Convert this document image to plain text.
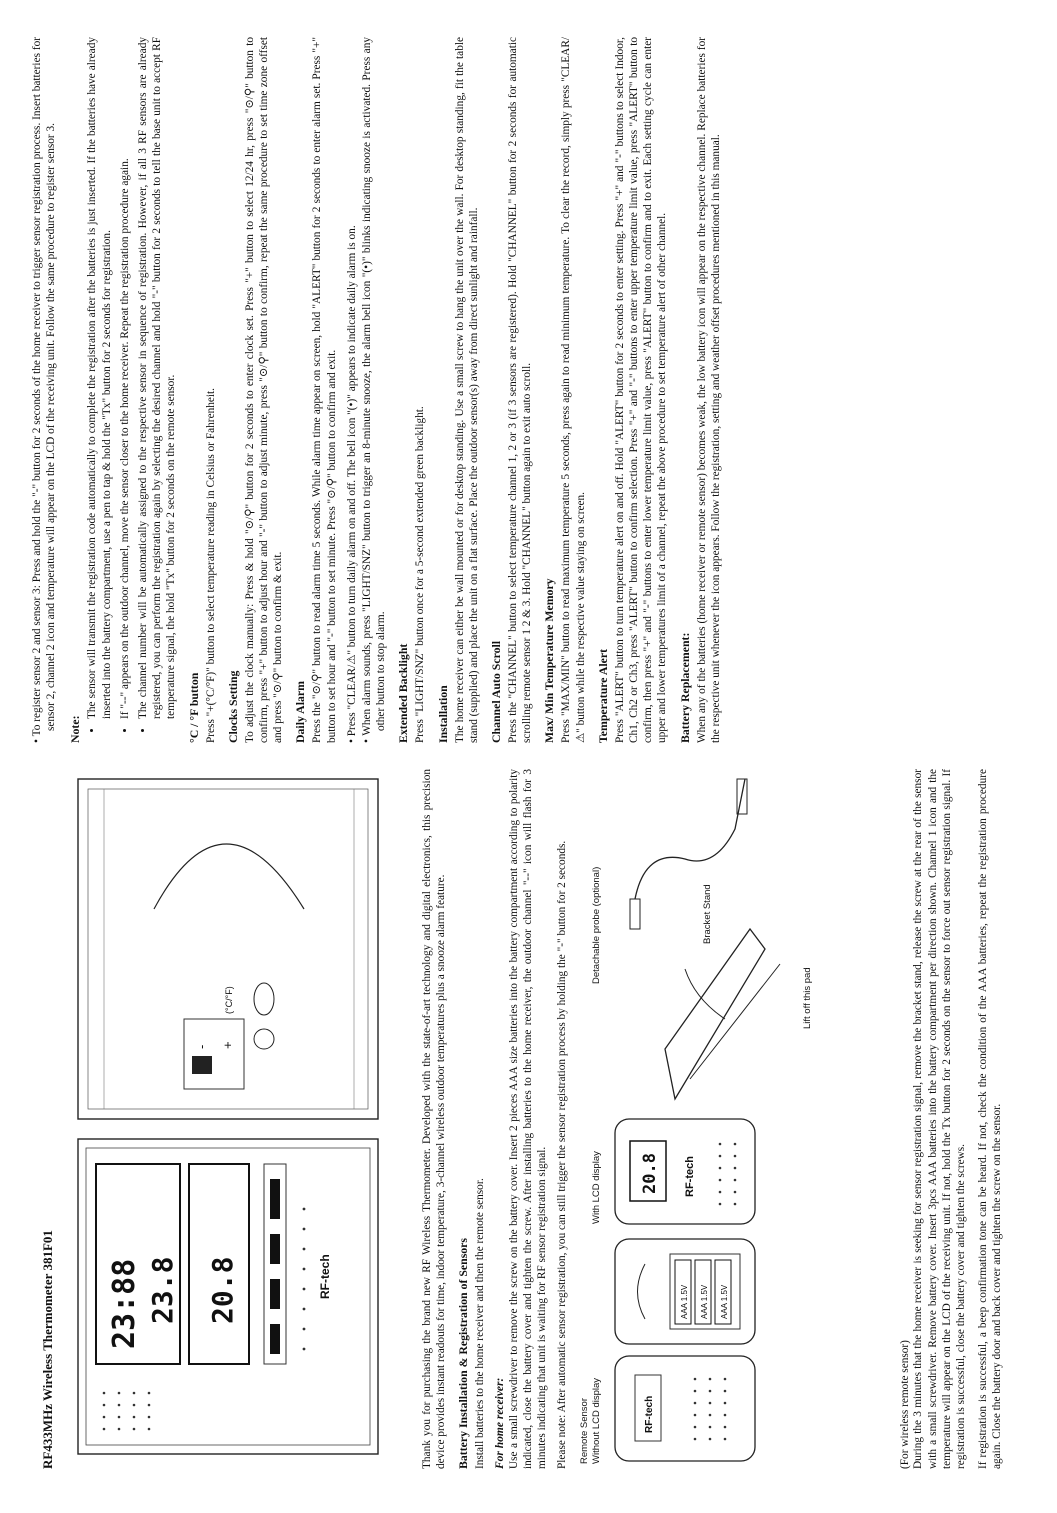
RF433MHz Wireless Thermometer 381F01 23:88 23.8 20.8	RF-tech
- +
(°C/°F)	Thank you for purchasing the brand new RF Wireless Thermometer. Developed with the state-of-art technology and digital electronics, this precision device provides instant readouts for time, indoor temperature, 3-channel wireless outdoor temperatures plus a snooze alarm feature. Battery Installation & Registration of Sensors Install batteries to the home receiver and then the remote sensor. For home receiver: Use a small screwdriver to remove the screw on the battery cover. Insert 2 pieces AAA size batteries into the battery compartment according to polarity indicated, close the battery cover and tighten the screw. After installing batteries to the home receiver, the outdoor channel "--" icon will flash for 3 minutes indicating that unit is waiting for RF sensor registration signal. Please note: After automatic sensor registration, you can still trigger the sensor registration process by holding the "-" button for 2 seconds. Remote Sensor Without LCD display
With LCD display
Detachable probe (optional)
RF-tech
AAA 1.5V AAA 1.5V AAA 1.5V
20.8 RF-tech
Bracket Stand
Lift off this pad
(For wireless remote sensor) During the 3 minutes that the home receiver is seeking for sensor registration signal, remove the bracket stand, release the screw at the rear of the sensor with a small screwdriver. Remove battery cover. Insert 3pcs AAA batteries into the battery compartment per direction shown. Channel 1 icon and the temperature will appear on the LCD of the receiving unit. If not, hold the Tx button for 2 seconds on the sensor to force out sensor registration signal. If registration is successful, close the battery cover and tighten the screws. If registration is successful, a beep confirmation tone can be heard. If not, check the condition of the AAA batteries, repeat the registration procedure again. Close the battery door and back cover and tighten the screw on the sensor.

• To register sensor 2 and sensor 3: Press and hold the "-" button for 2 seconds of the home receiver to trigger sensor registration process. Insert batteries for sensor 2, channel 2 icon and temperature will appear on the LCD of the receiving unit. Follow the same procedure to register sensor 3. Note:
• The sensor will transmit the registration code automatically to complete the registration after the batteries is just inserted. If the batteries have already inserted into the battery compartment, use a pen to tap & hold the "Tx" button for 2 seconds for registration. • If "--" appears on the outdoor channel, move the sensor closer to the home receiver. Repeat the registration procedure again. • The channel number will be automatically assigned to the respective sensor in sequence of registration. However, if all 3 RF sensors are already registered, you can perform the registration again by selecting the desired channel and hold "-" button for 2 seconds to tell the base unit to accept RF temperature signal, the hold "Tx" button for 2 seconds on the remote sensor. °C / °F button Press "+(°C/°F)" button to select temperature reading in Celsius or Fahrenheit. Clocks Setting To adjust the clock manually: Press & hold "⊙/⚲" button for 2 seconds to enter clock set. Press "+" button to select 12/24 hr, press "⊙/⚲" button to confirm, press "+" button to adjust hour and "-" button to adjust minute, press "⊙/⚲" button to confirm, repeat the same procedure to set time zone offset and press "⊙/⚲" button to confirm & exit. Daily Alarm Press the "⊙/⚲" button to read alarm time 5 seconds. While alarm time appear on screen, hold "ALERT" button for 2 seconds to enter alarm set. Press "+" button to set hour and "-" button to set minute. Press "⊙/⚲" button to confirm and exit. • Press "CLEAR/⚠" button to turn daily alarm on and off. The bell icon "(•)" appears to indicate daily alarm is on. • When alarm sounds, press "LIGHT/SNZ" button to trigger an 8-minute snooze, the alarm bell icon "(•)" blinks indicating snooze is activated. Press any other button to stop alarm. Extended Backlight Press "LIGHT/SNZ" button once for a 5-second extended green backlight. Installation The home receiver can either be wall mounted or for desktop standing. Use a small screw to hang the unit over the wall. For desktop standing, fit the table stand (supplied) and place the unit on a flat surface. Place the outdoor sensor(s) away from direct sunlight and rainfall. Channel Auto Scroll Press the "CHANNEL" button to select temperature channel 1, 2 or 3 (if 3 sensors are registered). Hold "CHANNEL" button for 2 seconds for automatic scrolling remote sensor 1 2 & 3. Hold "CHANNEL" button again to exit auto scroll. Max/ Min Temperature Memory Press "MAX/MIN" button to read maximum temperature 5 seconds, press again to read minimum temperature. To clear the record, simply press "CLEAR/⚠" button while the respective value staying on screen. Temperature Alert Press "ALERT" button to turn temperature alert on and off. Hold "ALERT" button for 2 seconds to enter setting. Press "+" and "-" buttons to select Indoor, Ch1, Ch2 or Ch3, press "ALERT" button to confirm selection. Press "+" and "-" buttons to enter upper temperature limit value, press "ALERT" button to confirm, then press "+" and "-" buttons to enter lower temperature limit value, press "ALERT" button to confirm and to exit. Each setting cycle can enter upper and lower temperatures limit of a channel, repeat the above procedure to set temperature alert of other channel. Battery Replacement: When any of the batteries (home receiver or remote sensor) becomes weak, the low battery icon will appear on the respective channel. Replace batteries for the respective unit whenever the icon appears. Follow the registration, setting and weather offset procedures mentioned in this manual.
